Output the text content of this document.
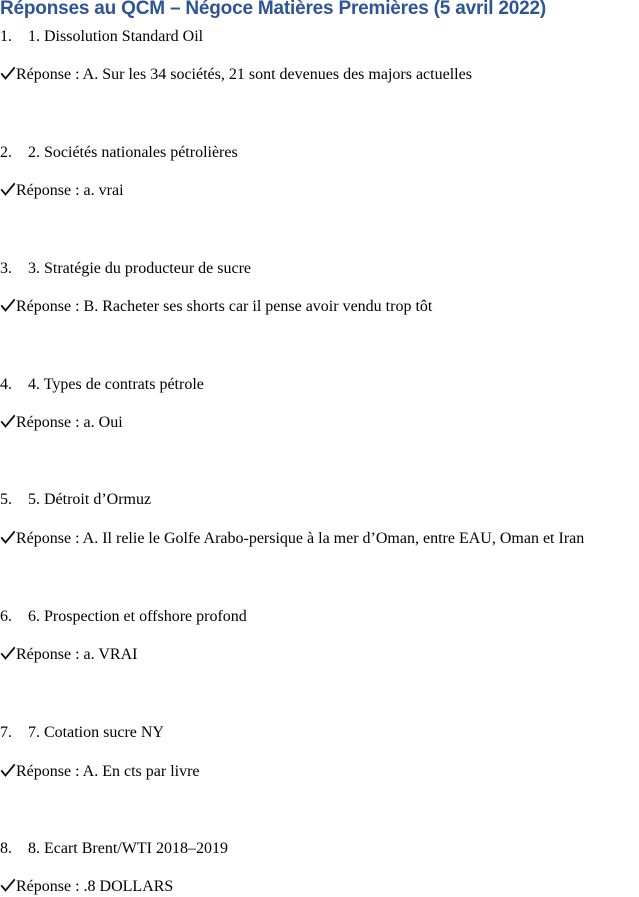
Réponses au QCM – Négoce Matières Premières (5 avril 2022)
1. 1. Dissolution Standard Oil
Réponse : A. Sur les 34 sociétés, 21 sont devenues des majors actuelles
2. 2. Sociétés nationales pétrolières
Réponse : a. vrai
3. 3. Stratégie du producteur de sucre
Réponse : B. Racheter ses shorts car il pense avoir vendu trop tôt
4. 4. Types de contrats pétrole
Réponse : a. Oui
5. 5. Détroit d’Ormuz
Réponse : A. Il relie le Golfe Arabo-persique à la mer d’Oman, entre EAU, Oman et Iran
6. 6. Prospection et offshore profond
Réponse : a. VRAI
7. 7. Cotation sucre NY
Réponse : A. En cts par livre
8. 8. Ecart Brent/WTI 2018–2019
Réponse : .8 DOLLARS
